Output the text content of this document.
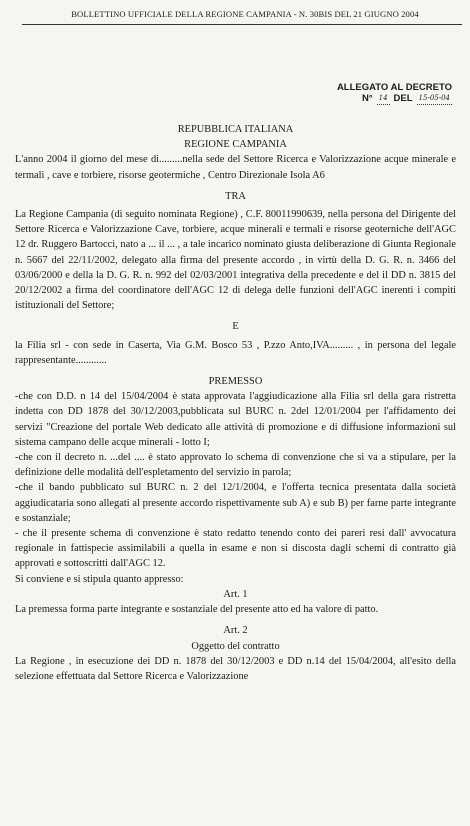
BOLLETTINO UFFICIALE DELLA REGIONE CAMPANIA - N. 30BIS DEL 21 GIUGNO 2004
ALLEGATO AL DECRETO
N° 14 DEL 15-05-04

REPUBBLICA ITALIANA

REGIONE CAMPANIA

L'anno 2004 il giorno del mese di.........nella sede del Settore Ricerca e Valorizzazione acque minerale e termali , cave e torbiere, risorse geotermiche , Centro Direzionale Isola A6

TRA

La Regione Campania (di seguito nominata Regione) , C.F. 80011990639, nella persona del Dirigente del Settore Ricerca e Valorizzazione Cave, torbiere, acque minerali e termali e risorse geoterniche dell'AGC 12 dr. Ruggero Bartocci, nato a ... il ... , a tale incarico nominato giusta deliberazione di Giunta Regionale n. 5667 del 22/11/2002, delegato alla firma del presente accordo , in virtù della D. G. R. n. 3466 del 03/06/2000 e della la D. G. R. n. 992 del 02/03/2001 integrativa della precedente e del il DD n. 3815 del 20/12/2002 a firma del coordinatore dell'AGC 12 di delega delle funzioni dell'AGC inerenti i compiti istituzionali del Settore;

E

la Filia srl - con sede in Caserta, Via G.M. Bosco 53 , P.zzo Anto,IVA......... , in persona del legale rappresentante............

PREMESSO

-che con D.D. n 14 del 15/04/2004 è stata approvata l'aggiudicazione alla Filia srl della gara ristretta indetta con DD 1878 del 30/12/2003,pubblicata sul BURC n. 2del 12/01/2004 per l'affidamento dei servizi "Creazione del portale Web dedicato alle attività di promozione e di diffusione informazioni sul sistema campano delle acque minerali - lotto I;

-che con il decreto n. ...del .... è stato approvato lo schema di convenzione che si va a stipulare, per la definizione delle modalità dell'espletamento del servizio in parola;

-che il bando pubblicato sul BURC n. 2 del 12/1/2004, e l'offerta tecnica presentata dalla società aggiudicataria sono allegati al presente accordo rispettivamente sub A) e sub B) per farne parte integrante e sostanziale;

- che il presente schema di convenzione è stato redatto tenendo conto dei pareri resi dall' avvocatura regionale in fattispecie assimilabili a quella in esame e non si discosta dagli schemi di contratto già approvati e sottoscritti dall'AGC 12.

Si conviene e si stipula quanto appresso:

Art. 1

La premessa forma parte integrante e sostanziale del presente atto ed ha valore di patto.

Art. 2

Oggetto del contratto

La Regione , in esecuzione dei DD n. 1878 del 30/12/2003 e DD n.14 del 15/04/2004, all'esito della selezione effettuata dal Settore Ricerca e Valorizzazione
